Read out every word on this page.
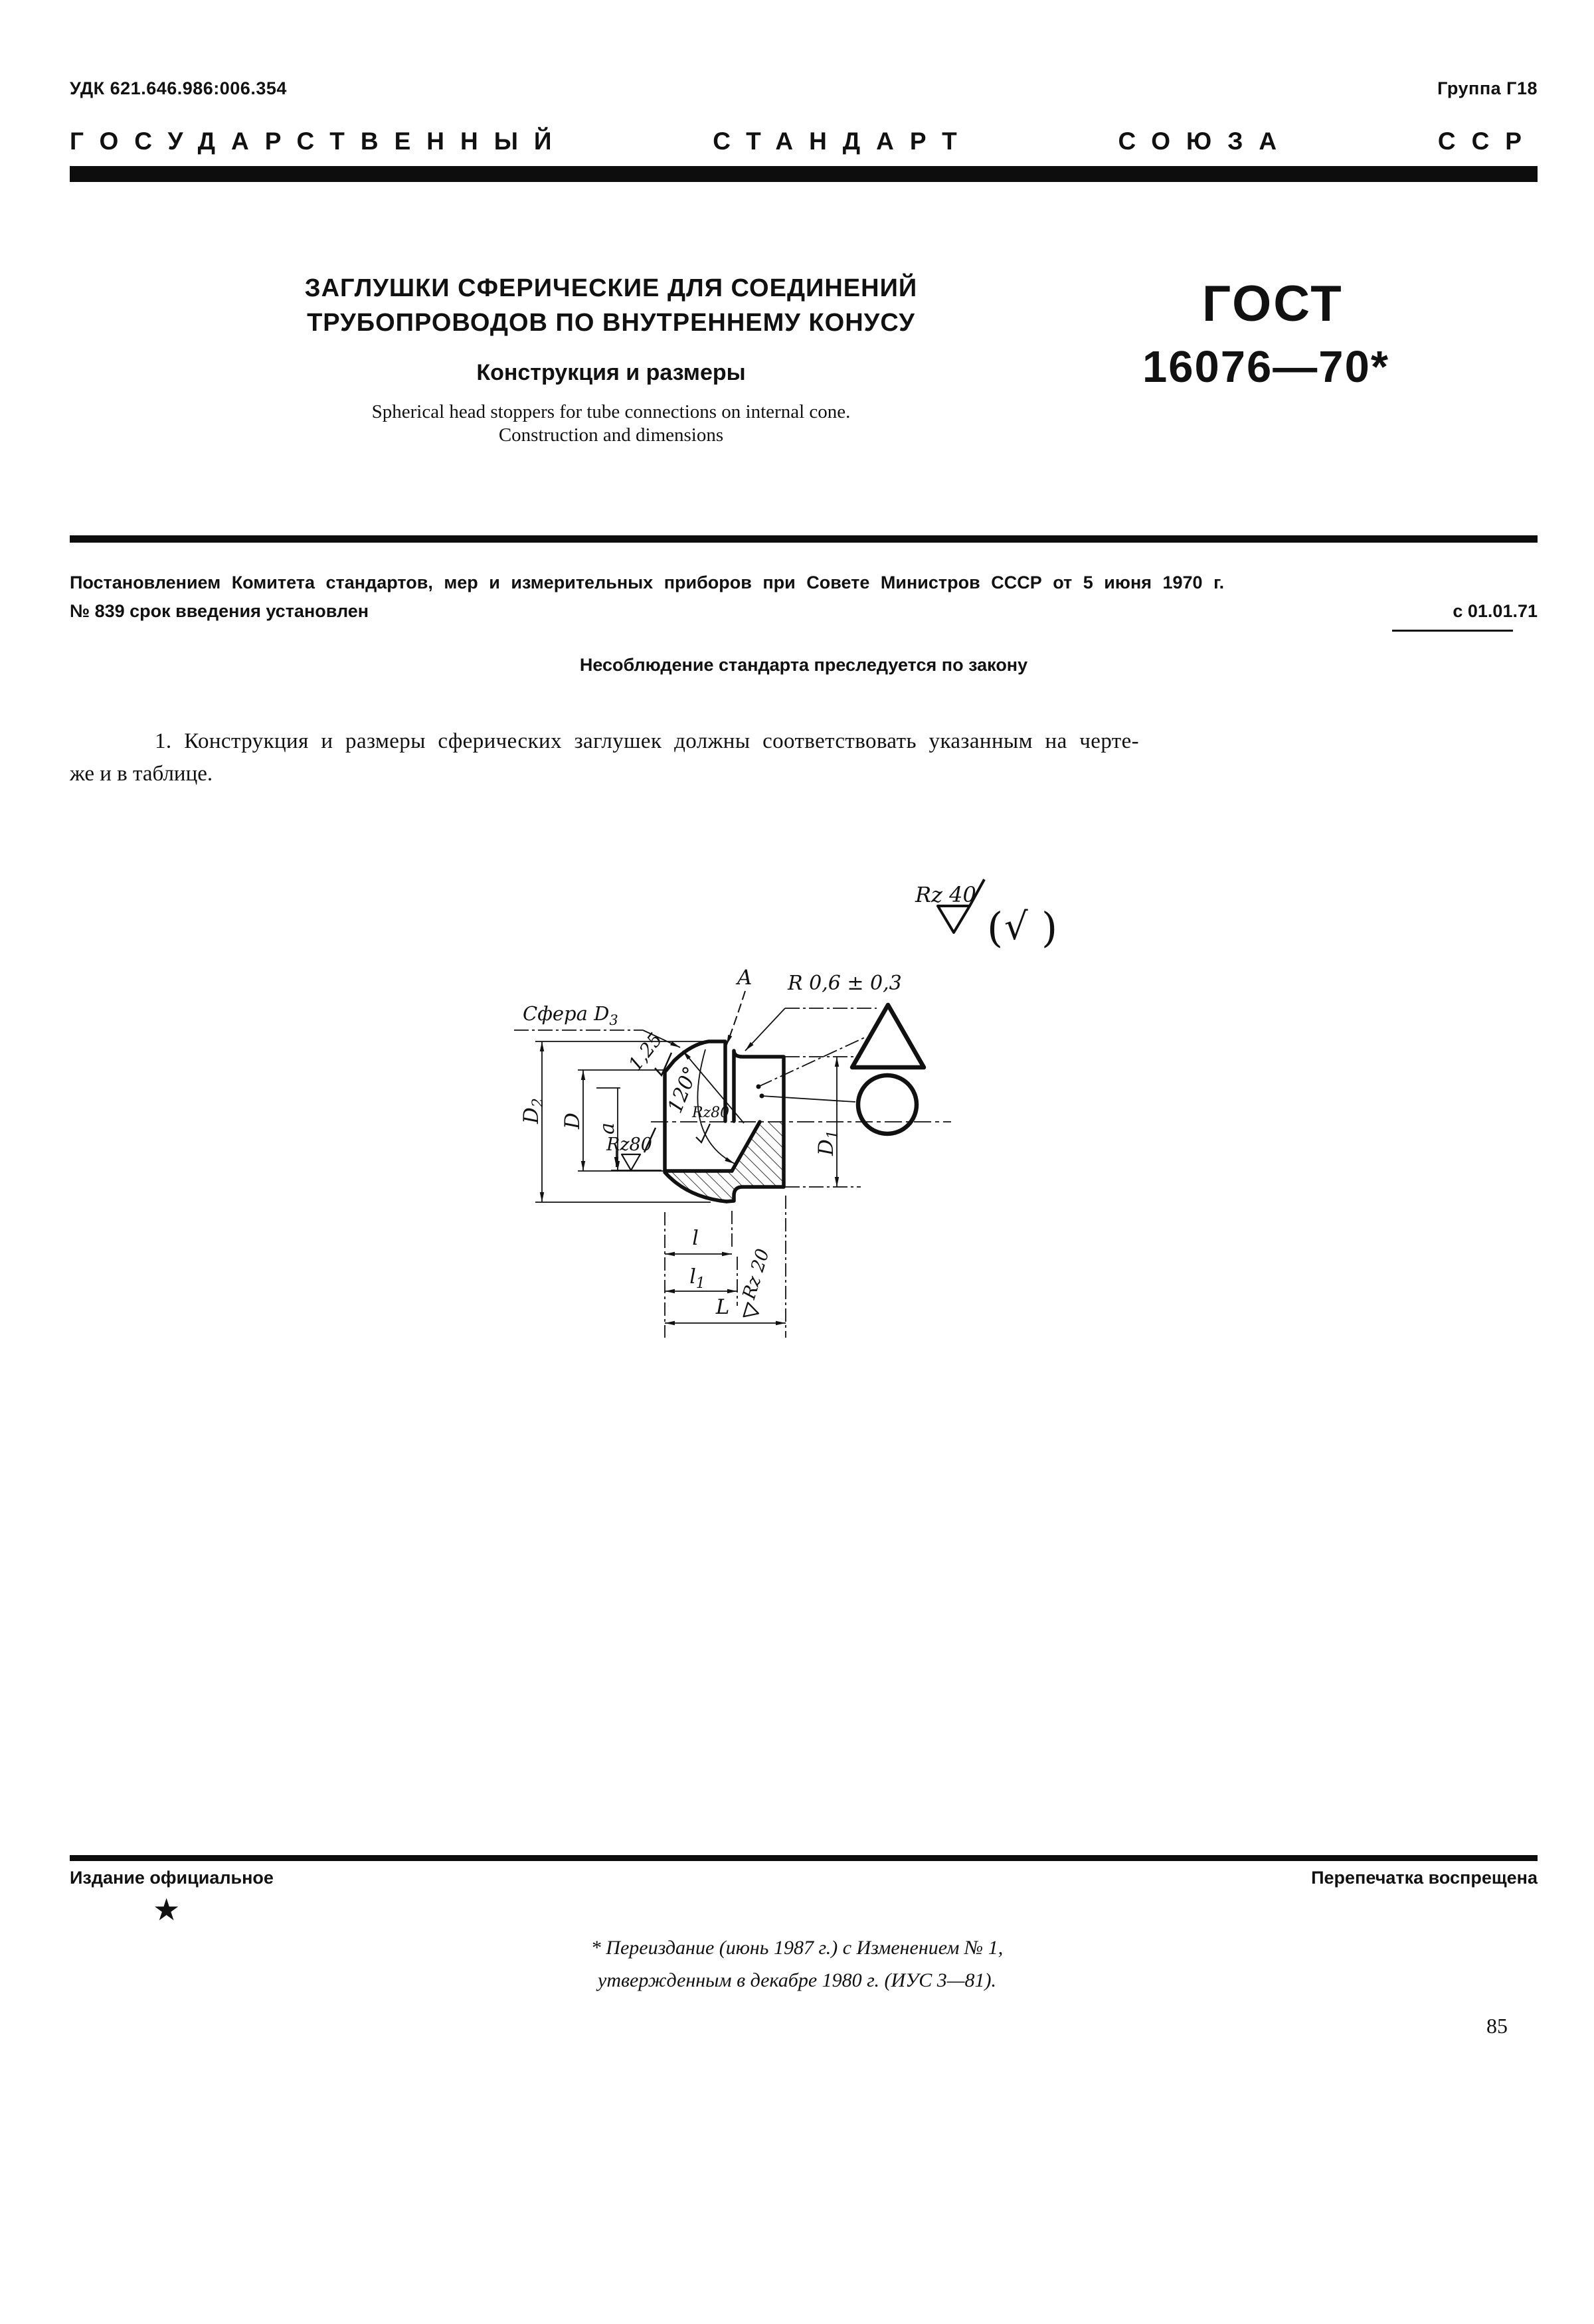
УДК 621.646.986:006.354	Группа Г18
ГОСУДАРСТВЕННЫЙ	СТАНДАРТ	СОЮЗА	ССР
ЗАГЛУШКИ СФЕРИЧЕСКИЕ ДЛЯ СОЕДИНЕНИЙ
ТРУБОПРОВОДОВ ПО ВНУТРЕННЕМУ КОНУСУ
Конструкция и размеры
Spherical head stoppers for tube connections on internal cone.
Construction and dimensions
ГОСТ
16076—70*
Постановлением Комитета стандартов, мер и измерительных приборов при Совете Министров СССР от 5 июня 1970 г.
№ 839 срок введения установлен	с 01.01.71
Несоблюдение стандарта преследуется по закону
1. Конструкция и размеры сферических заглушек должны соответствовать указанным на черте-
же и в таблице.
Rz 40
( √ )
Сфера $D_3$
A R 0,6 ± 0,3
1,25
120°
Rz80
Rz80
Rz 20
$D_2$
D a
$D_1$
l
$l_1$
L
Издание официальное	Перепечатка воспрещена
★
* Переиздание (июнь 1987 г.) с Изменением № 1,
утвержденным в декабре 1980 г. (ИУС 3—81).
85
